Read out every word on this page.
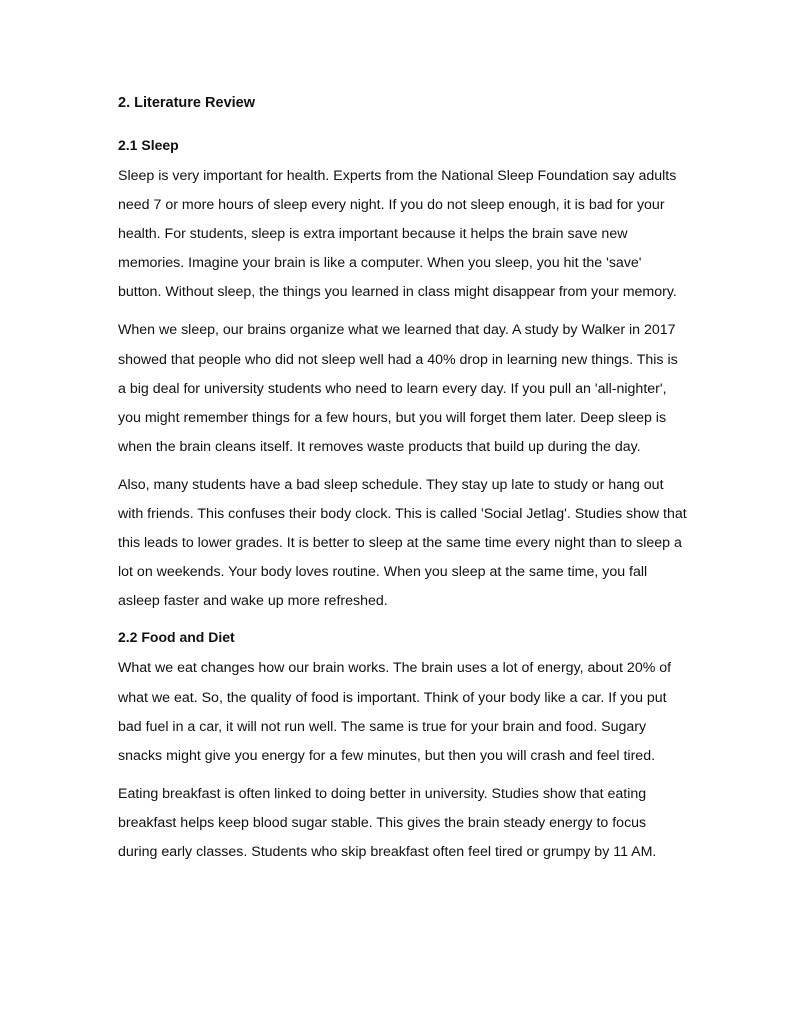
2. Literature Review
2.1 Sleep

Sleep is very important for health. Experts from the National Sleep Foundation say adults need 7 or more hours of sleep every night. If you do not sleep enough, it is bad for your health. For students, sleep is extra important because it helps the brain save new memories. Imagine your brain is like a computer. When you sleep, you hit the 'save' button. Without sleep, the things you learned in class might disappear from your memory.

When we sleep, our brains organize what we learned that day. A study by Walker in 2017 showed that people who did not sleep well had a 40% drop in learning new things. This is a big deal for university students who need to learn every day. If you pull an 'all-nighter', you might remember things for a few hours, but you will forget them later. Deep sleep is when the brain cleans itself. It removes waste products that build up during the day.

Also, many students have a bad sleep schedule. They stay up late to study or hang out with friends. This confuses their body clock. This is called 'Social Jetlag'. Studies show that this leads to lower grades. It is better to sleep at the same time every night than to sleep a lot on weekends. Your body loves routine. When you sleep at the same time, you fall asleep faster and wake up more refreshed.

2.2 Food and Diet

What we eat changes how our brain works. The brain uses a lot of energy, about 20% of what we eat. So, the quality of food is important. Think of your body like a car. If you put bad fuel in a car, it will not run well. The same is true for your brain and food. Sugary snacks might give you energy for a few minutes, but then you will crash and feel tired.

Eating breakfast is often linked to doing better in university. Studies show that eating breakfast helps keep blood sugar stable. This gives the brain steady energy to focus during early classes. Students who skip breakfast often feel tired or grumpy by 11 AM.
